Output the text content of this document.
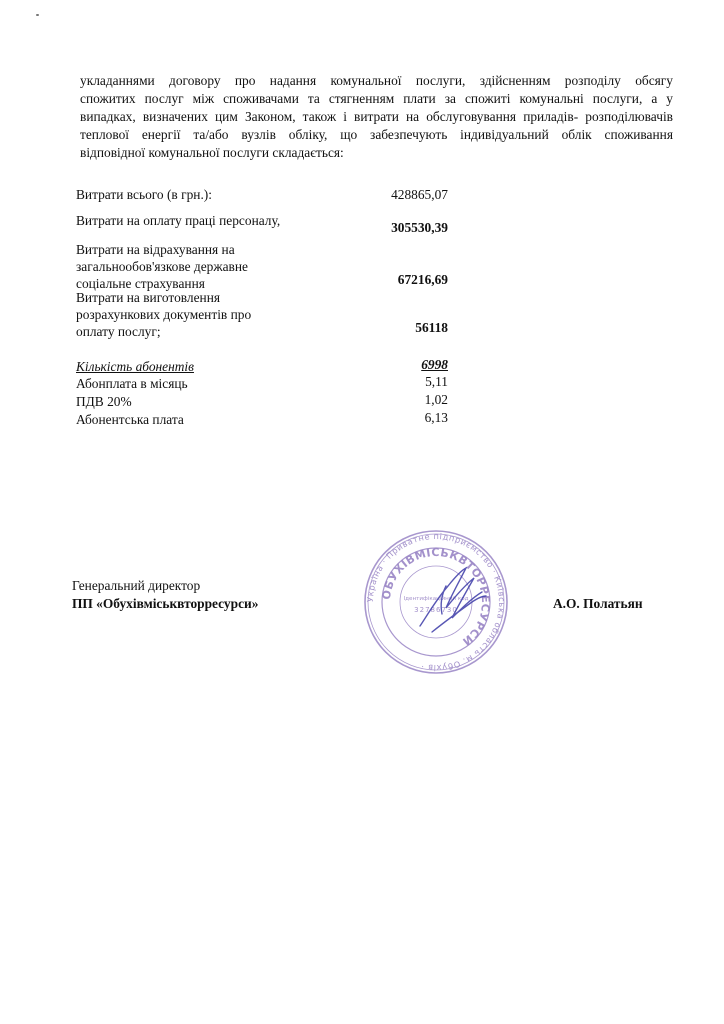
укладаннями договору про надання комунальної послуги, здійсненням розподілу обсягу
спожитих послуг між споживачами та стягненням плати за спожиті комунальні послуги, а у
випадках, визначених цим Законом, також і витрати на обслуговування приладів- розподілювачів
теплової енергії та/або вузлів обліку, що забезпечують індивідуальний облік споживання
відповідної комунальної послуги складається:
Витрати всього (в грн.):	428865,07
Витрати на оплату праці персоналу,	305530,39
Витрати на відрахування на
загальнообов'язкове державне
соціальне страхування	67216,69
Витрати на виготовлення
розрахункових документів про
оплату послуг;	56118
Кількість абонентів	6998
Абонплата в місяць	5,11
ПДВ 20%	1,02
Абонентська плата	6,13
Генеральний директор
ПП «Обухівміськвторресурси»	А.О. Полатьян
Україна · Приватне підприємство · Київська область м. Обухів ·
ОБУХІВМІСЬКВТОРРЕСУРСИ
Ідентифікаційний код
32786730
